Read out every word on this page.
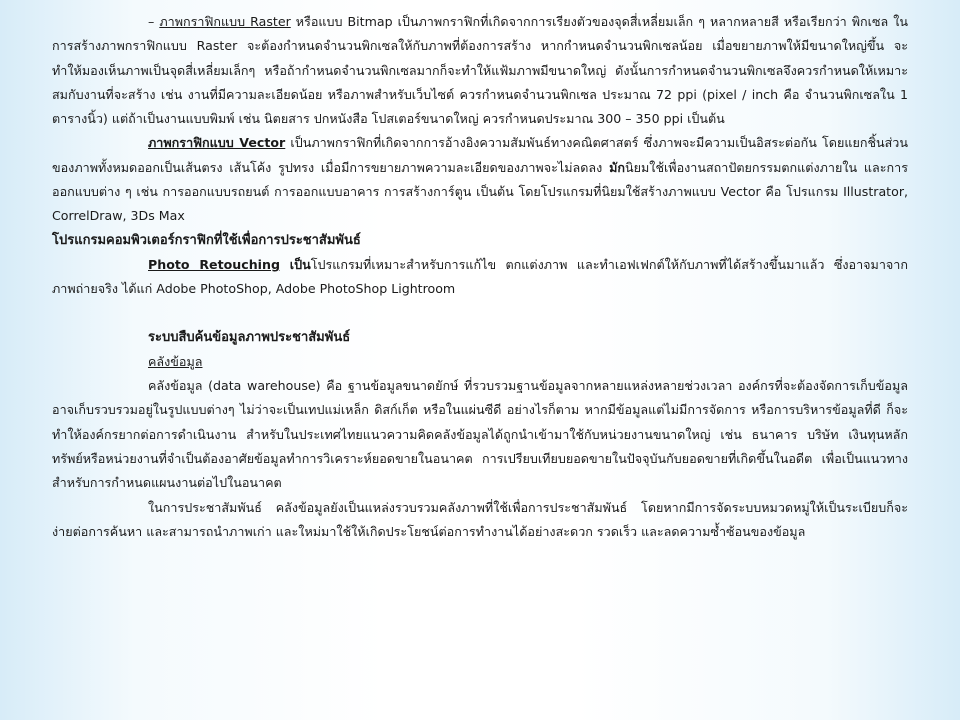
– ภาพกราฟิกแบบ Raster หรือแบบ Bitmap เป็นภาพกราฟิกที่เกิดจากการเรียงตัวของจุดสี่เหลี่ยมเล็ก ๆ หลากหลายสี หรือเรียกว่า พิกเซล ในการสร้างภาพกราฟิกแบบ Raster จะต้องกำหนดจำนวนพิกเซลให้กับภาพที่ต้องการสร้าง หากกำหนดจำนวนพิกเซลน้อย เมื่อขยายภาพให้มีขนาดใหญ่ขึ้น จะทำให้มองเห็นภาพเป็นจุดสี่เหลี่ยมเล็กๆ หรือถ้ากำหนดจำนวนพิกเซลมากก็จะทำให้แฟ้มภาพมีขนาดใหญ่ ดังนั้นการกำหนดจำนวนพิกเซลจึงควรกำหนดให้เหมาะสมกับงานที่จะสร้าง เช่น งานที่มีความละเอียดน้อย หรือภาพสำหรับเว็บไซต์ ควรกำหนดจำนวนพิกเซล ประมาณ 72 ppi (pixel / inch คือ จำนวนพิกเซลใน 1 ตารางนิ้ว) แต่ถ้าเป็นงานแบบพิมพ์ เช่น นิตยสาร ปกหนังสือ โปสเตอร์ขนาดใหญ่ ควรกำหนดประมาณ 300 – 350 ppi เป็นต้น

ภาพกราฟิกแบบ Vector เป็นภาพกราฟิกที่เกิดจากการอ้างอิงความสัมพันธ์ทางคณิตศาสตร์ ซึ่งภาพจะมีความเป็นอิสระต่อกัน โดยแยกชิ้นส่วนของภาพทั้งหมดออกเป็นเส้นตรง เส้นโค้ง รูปทรง เมื่อมีการขยายภาพความละเอียดของภาพจะไม่ลดลง มักนิยมใช้เพื่องานสถาปัตยกรรมตกแต่งภายใน และการออกแบบต่าง ๆ เช่น การออกแบบรถยนต์ การออกแบบอาคาร การสร้างการ์ตูน เป็นต้น โดยโปรแกรมที่นิยมใช้สร้างภาพแบบ Vector คือ โปรแกรม Illustrator, CorrelDraw, 3Ds Max

โปรแกรมคอมพิวเตอร์กราฟิกที่ใช้เพื่อการประชาสัมพันธ์

Photo Retouching เป็นโปรแกรมที่เหมาะสำหรับการแก้ไข ตกแต่งภาพ และทำเอฟเฟกต์ให้กับภาพที่ได้สร้างขึ้นมาแล้ว ซึ่งอาจมาจากภาพถ่ายจริง ได้แก่ Adobe PhotoShop, Adobe PhotoShop Lightroom

ระบบสืบค้นข้อมูลภาพประชาสัมพันธ์

คลังข้อมูล

คลังข้อมูล (data warehouse) คือ ฐานข้อมูลขนาดยักษ์ ที่รวบรวมฐานข้อมูลจากหลายแหล่งหลายช่วงเวลา องค์กรที่จะต้องจัดการเก็บข้อมูล อาจเก็บรวบรวมอยู่ในรูปแบบต่างๆ ไม่ว่าจะเป็นเทปแม่เหล็ก ดิสก์เก็ต หรือในแผ่นซีดี อย่างไรก็ตาม หากมีข้อมูลแต่ไม่มีการจัดการ หรือการบริหารข้อมูลที่ดี ก็จะทำให้องค์กรยากต่อการดำเนินงาน สำหรับในประเทศไทยแนวความคิดคลังข้อมูลได้ถูกนำเข้ามาใช้กับหน่วยงานขนาดใหญ่ เช่น ธนาคาร บริษัท เงินทุนหลักทรัพย์หรือหน่วยงานที่จำเป็นต้องอาศัยข้อมูลทำการวิเคราะห์ยอดขายในอนาคต การเปรียบเทียบยอดขายในปัจจุบันกับยอดขายที่เกิดขึ้นในอดีต เพื่อเป็นแนวทางสำหรับการกำหนดแผนงานต่อไปในอนาคต

ในการประชาสัมพันธ์ คลังข้อมูลยังเป็นแหล่งรวบรวมคลังภาพที่ใช้เพื่อการประชาสัมพันธ์ โดยหากมีการจัดระบบหมวดหมู่ให้เป็นระเบียบก็จะง่ายต่อการค้นหา และสามารถนำภาพเก่า และใหม่มาใช้ให้เกิดประโยชน์ต่อการทำงานได้อย่างสะดวก รวดเร็ว และลดความซ้ำซ้อนของข้อมูล
